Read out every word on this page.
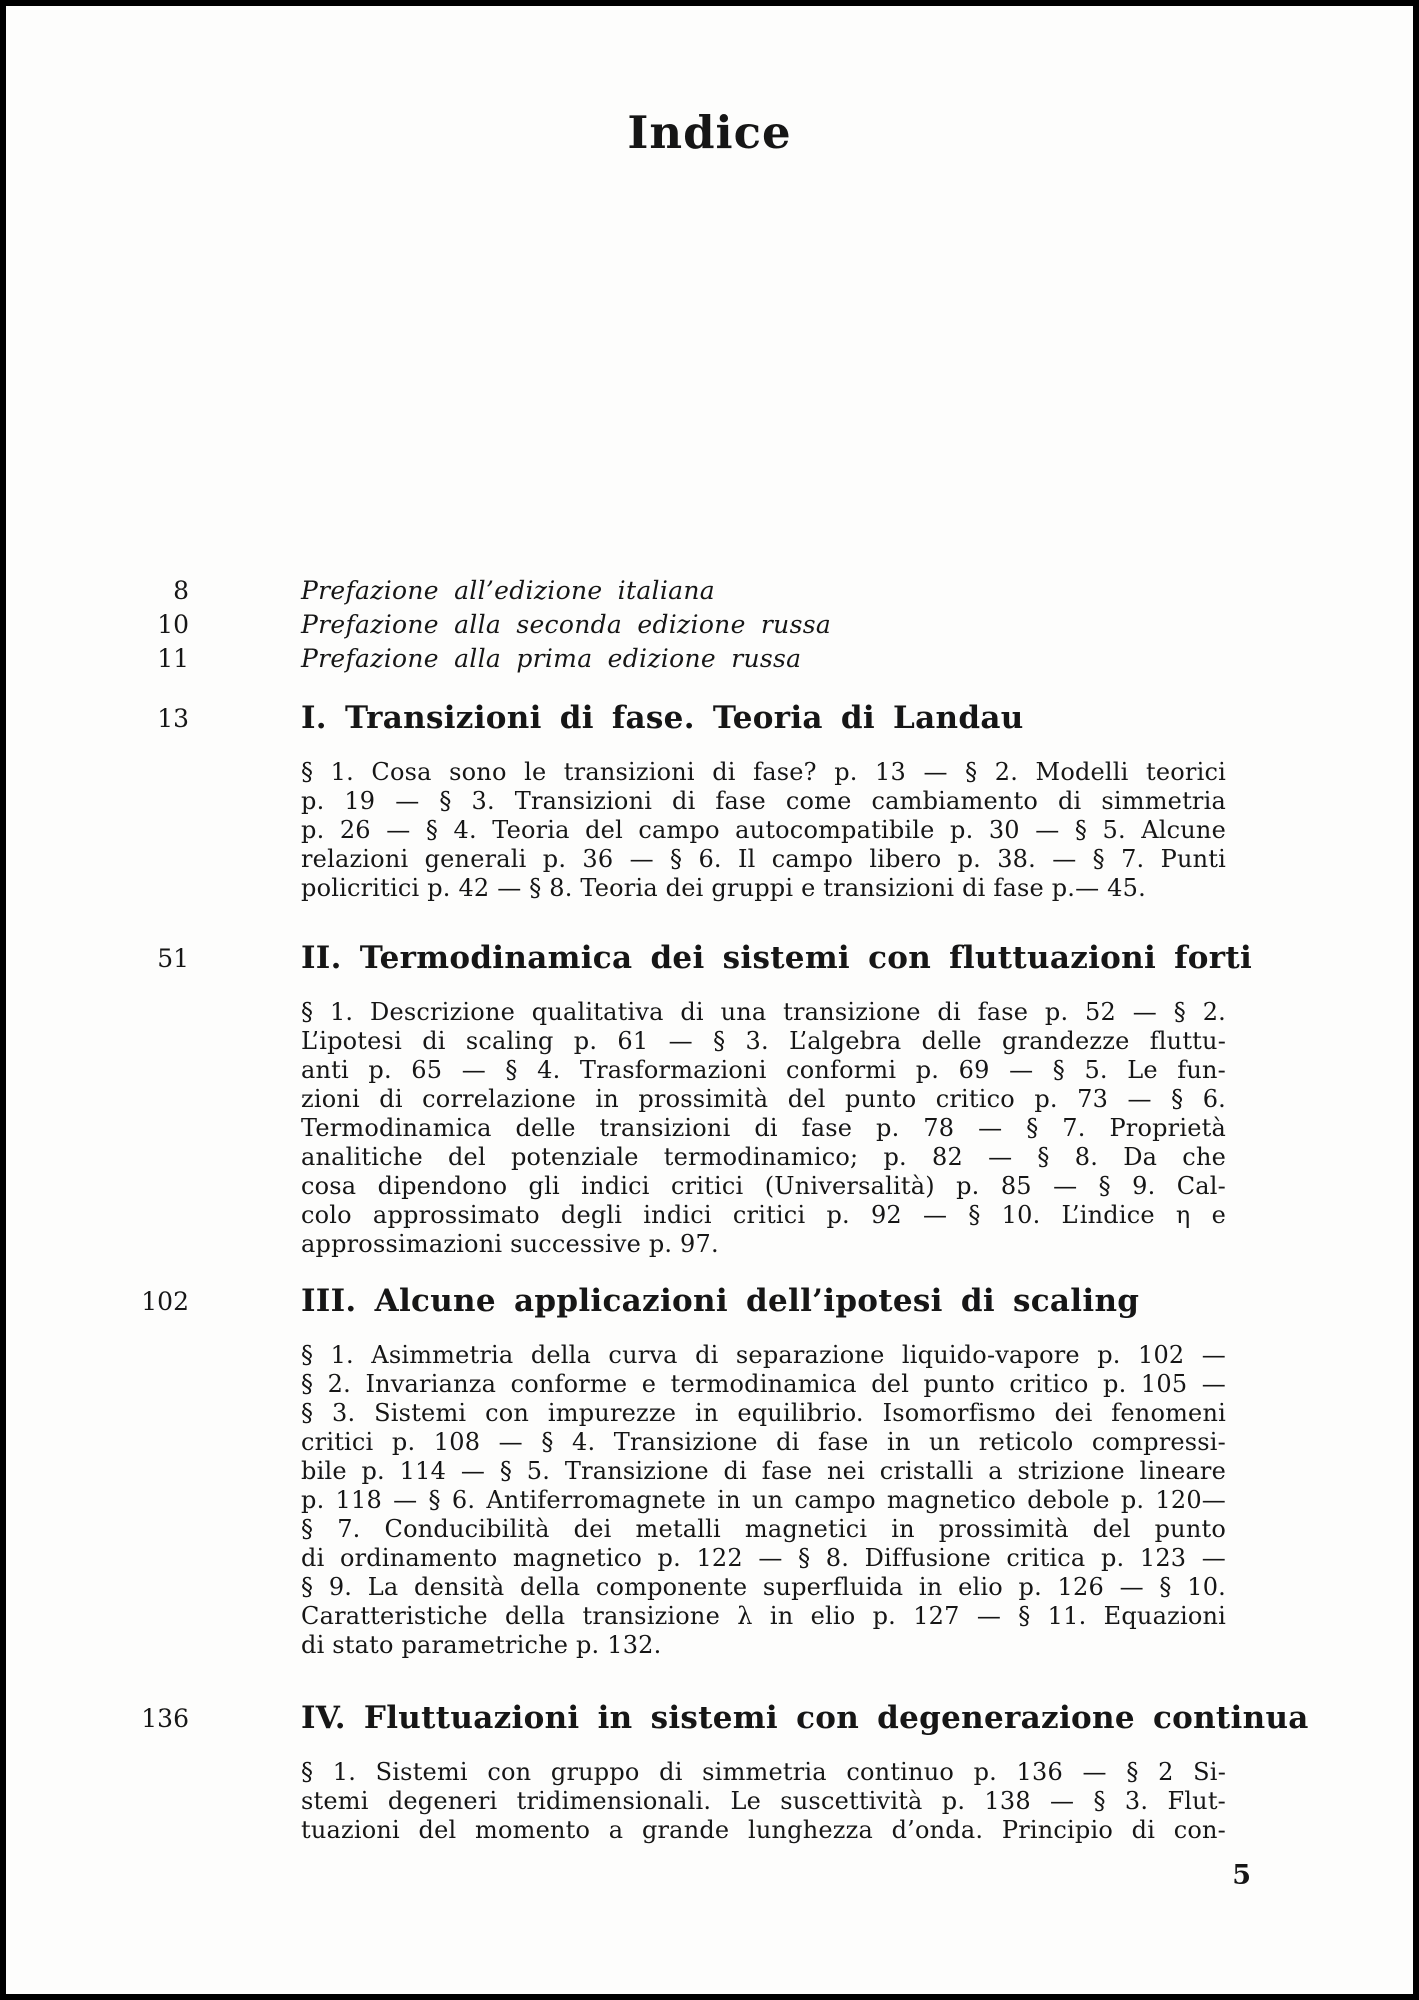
Indice
8	Prefazione all’edizione italiana
10	Prefazione alla seconda edizione russa
11	Prefazione alla prima edizione russa
13	I. Transizioni di fase. Teoria di Landau
§ 1. Cosa sono le transizioni di fase? p. 13 — § 2. Modelli teorici
p. 19 — § 3. Transizioni di fase come cambiamento di simmetria
p. 26 — § 4. Teoria del campo autocompatibile p. 30 — § 5. Alcune
relazioni generali p. 36 — § 6. Il campo libero p. 38. — § 7. Punti
policritici p. 42 — § 8. Teoria dei gruppi e transizioni di fase p.— 45.
51	II. Termodinamica dei sistemi con fluttuazioni forti
§ 1. Descrizione qualitativa di una transizione di fase p. 52 — § 2.
L’ipotesi di scaling p. 61 — § 3. L’algebra delle grandezze fluttu-
anti p. 65 — § 4. Trasformazioni conformi p. 69 — § 5. Le fun-
zioni di correlazione in prossimità del punto critico p. 73 — § 6.
Termodinamica delle transizioni di fase p. 78 — § 7. Proprietà
analitiche del potenziale termodinamico; p. 82 — § 8. Da che
cosa dipendono gli indici critici (Universalità) p. 85 — § 9. Cal-
colo approssimato degli indici critici p. 92 — § 10. L’indice η e
approssimazioni successive p. 97.
102	III. Alcune applicazioni dell’ipotesi di scaling
§ 1. Asimmetria della curva di separazione liquido-vapore p. 102 —
§ 2. Invarianza conforme e termodinamica del punto critico p. 105 —
§ 3. Sistemi con impurezze in equilibrio. Isomorfismo dei fenomeni
critici p. 108 — § 4. Transizione di fase in un reticolo compressi-
bile p. 114 — § 5. Transizione di fase nei cristalli a strizione lineare
p. 118 — § 6. Antiferromagnete in un campo magnetico debole p. 120—
§ 7. Conducibilità dei metalli magnetici in prossimità del punto
di ordinamento magnetico p. 122 — § 8. Diffusione critica p. 123 —
§ 9. La densità della componente superfluida in elio p. 126 — § 10.
Caratteristiche della transizione λ in elio p. 127 — § 11. Equazioni
di stato parametriche p. 132.
136	IV. Fluttuazioni in sistemi con degenerazione continua
§ 1. Sistemi con gruppo di simmetria continuo p. 136 — § 2 Si-
stemi degeneri tridimensionali. Le suscettività p. 138 — § 3. Flut-
tuazioni del momento a grande lunghezza d’onda. Principio di con-
5
